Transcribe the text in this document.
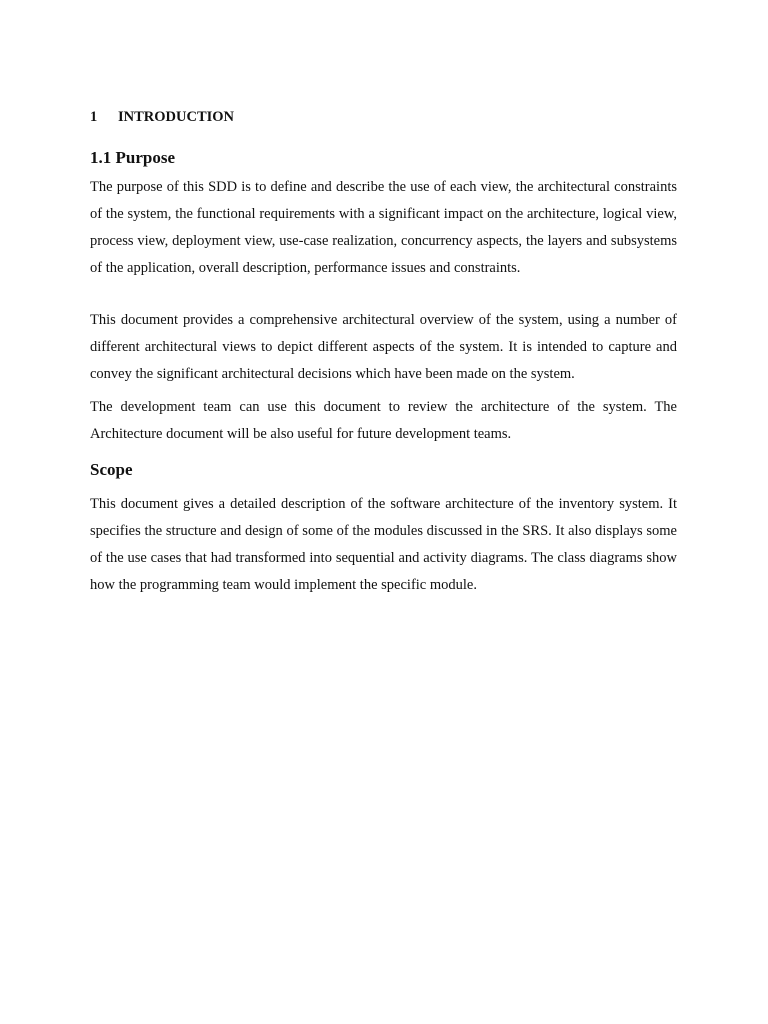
1	INTRODUCTION
1.1 Purpose

The purpose of this SDD is to define and describe the use of each view, the architectural constraints of the system, the functional requirements with a significant impact on the architecture, logical view, process view, deployment view, use-case realization, concurrency aspects, the layers and subsystems of the application, overall description, performance issues and constraints.

This document provides a comprehensive architectural overview of the system, using a number of different architectural views to depict different aspects of the system. It is intended to capture and convey the significant architectural decisions which have been made on the system.

The development team can use this document to review the architecture of the system. The Architecture document will be also useful for future development teams.

Scope

This document gives a detailed description of the software architecture of the inventory system. It specifies the structure and design of some of the modules discussed in the SRS. It also displays some of the use cases that had transformed into sequential and activity diagrams. The class diagrams show how the programming team would implement the specific module.
